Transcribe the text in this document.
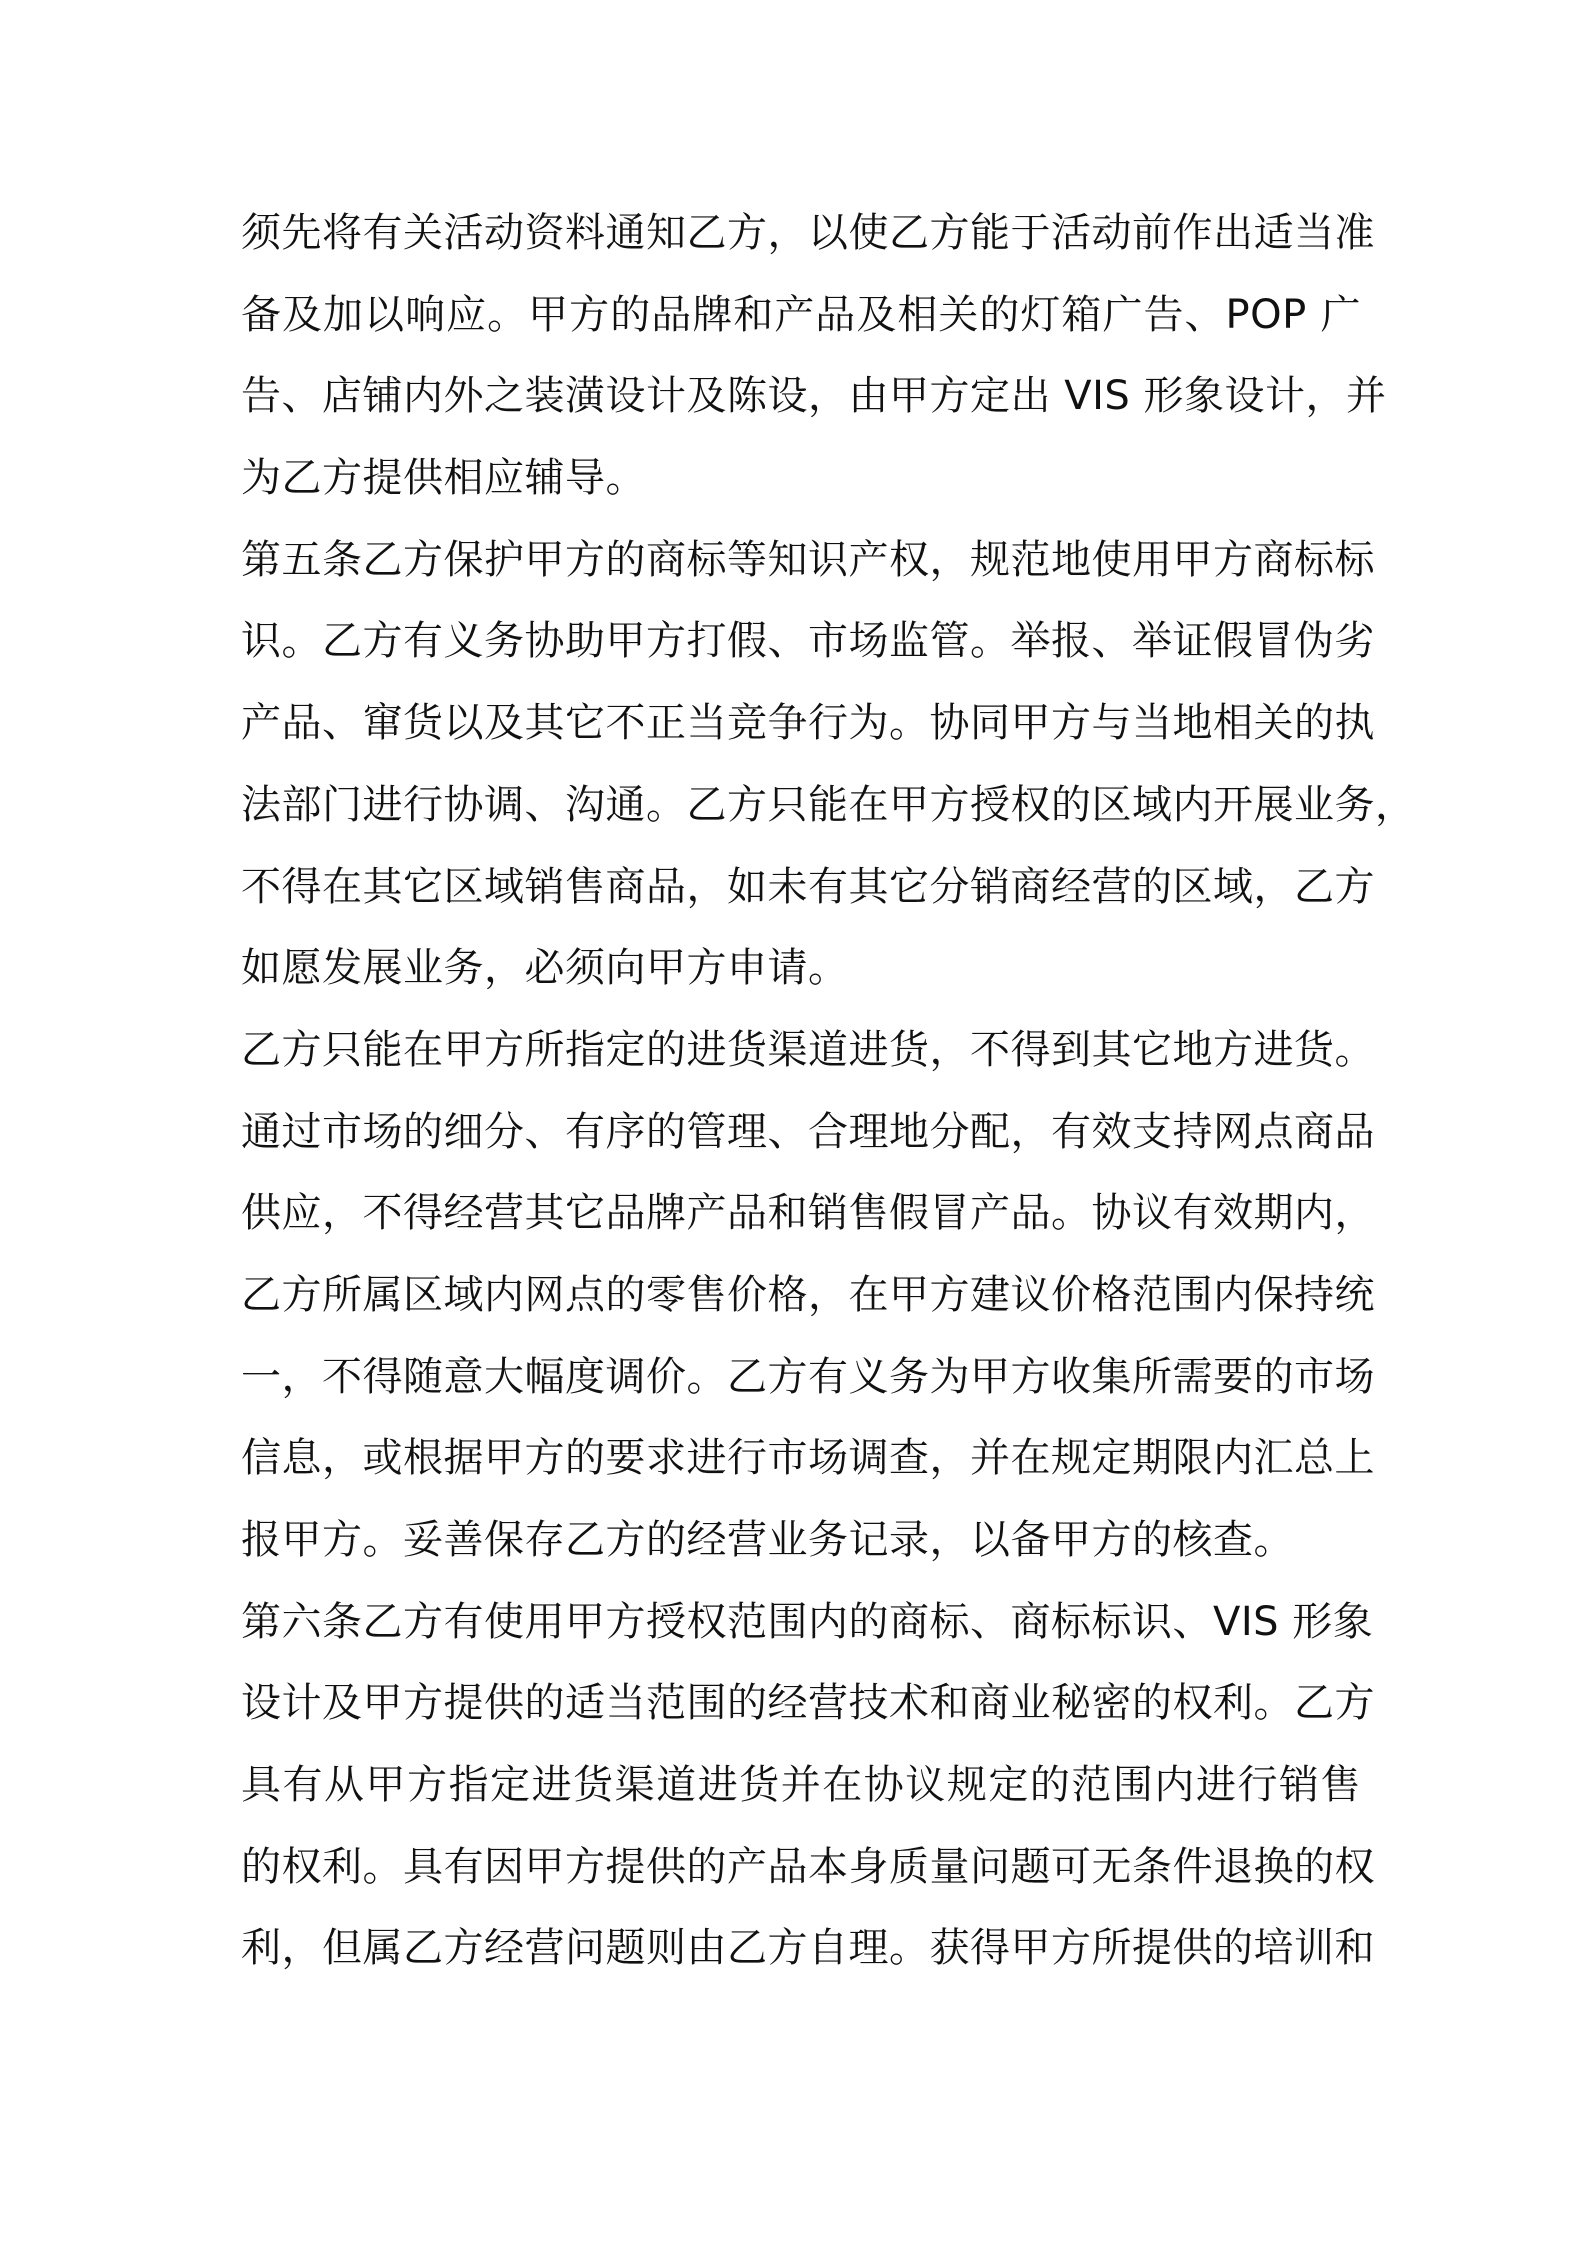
须先将有关活动资料通知乙方，以使乙方能于活动前作出适当准
备及加以响应。甲方的品牌和产品及相关的灯箱广告、POP 广
告、店铺内外之装潢设计及陈设，由甲方定出 VIS 形象设计，并
为乙方提供相应辅导。
第五条乙方保护甲方的商标等知识产权，规范地使用甲方商标标
识。乙方有义务协助甲方打假、市场监管。举报、举证假冒伪劣
产品、窜货以及其它不正当竞争行为。协同甲方与当地相关的执
法部门进行协调、沟通。乙方只能在甲方授权的区域内开展业务，
不得在其它区域销售商品，如未有其它分销商经营的区域，乙方
如愿发展业务，必须向甲方申请。
乙方只能在甲方所指定的进货渠道进货，不得到其它地方进货。
通过市场的细分、有序的管理、合理地分配，有效支持网点商品
供应，不得经营其它品牌产品和销售假冒产品。协议有效期内，
乙方所属区域内网点的零售价格，在甲方建议价格范围内保持统
一，不得随意大幅度调价。乙方有义务为甲方收集所需要的市场
信息，或根据甲方的要求进行市场调查，并在规定期限内汇总上
报甲方。妥善保存乙方的经营业务记录，以备甲方的核查。
第六条乙方有使用甲方授权范围内的商标、商标标识、VIS 形象
设计及甲方提供的适当范围的经营技术和商业秘密的权利。乙方
具有从甲方指定进货渠道进货并在协议规定的范围内进行销售
的权利。具有因甲方提供的产品本身质量问题可无条件退换的权
利，但属乙方经营问题则由乙方自理。获得甲方所提供的培训和
